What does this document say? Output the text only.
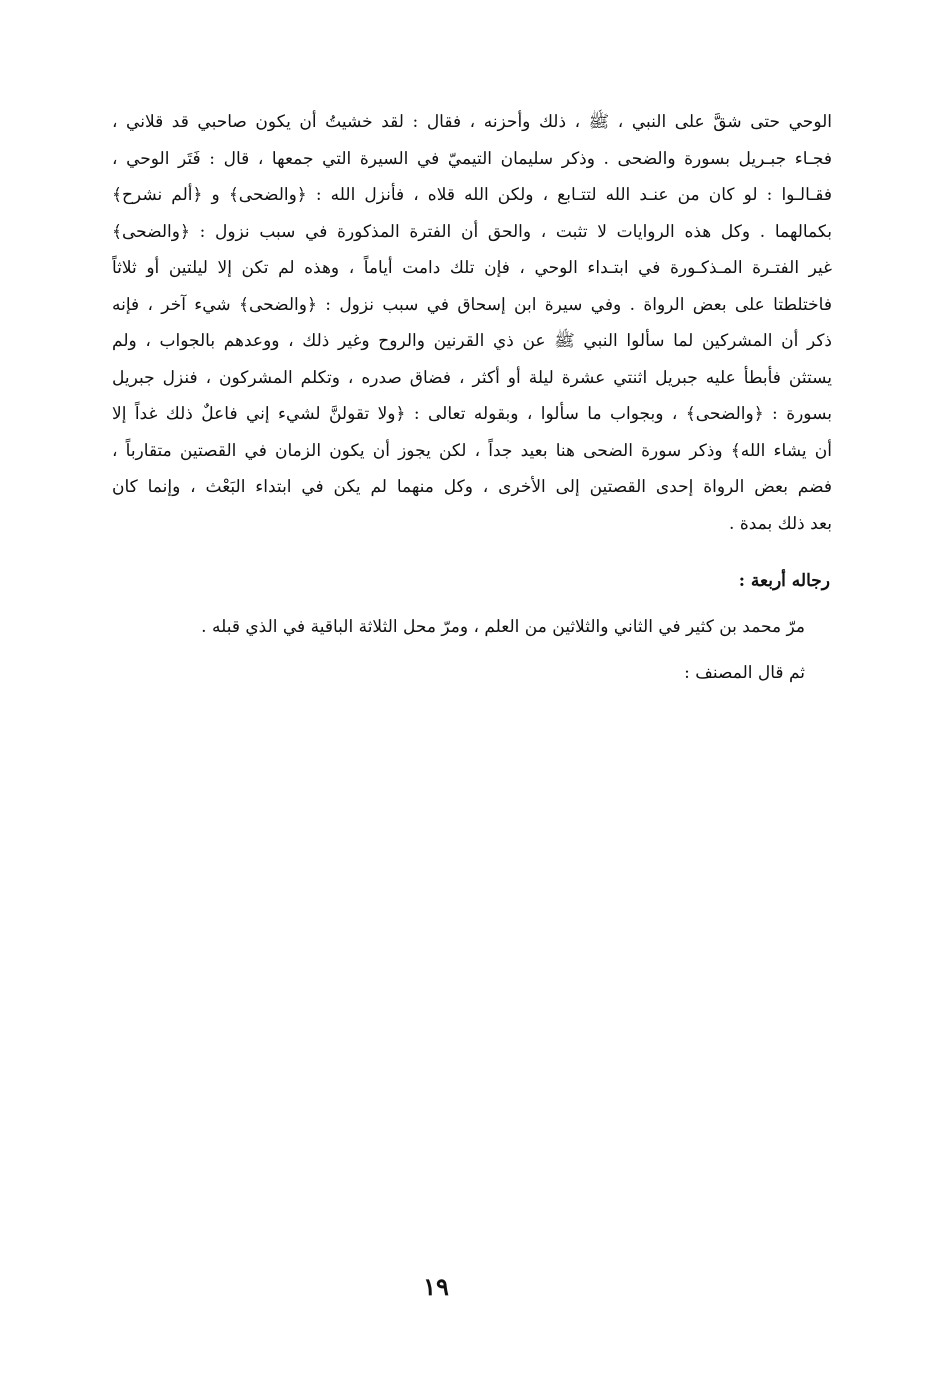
الوحي حتى شقَّ على النبي ، ﷺ ، ذلك وأحزنه ، فقال : لقد خشيتُ أن يكون صاحبي قد قلاني ،
فجـاء جبـريل بسورة والضحى . وذكر سليمان التيميّ في السيرة التي جمعها ، قال : فَتَر الوحي ،
فقـالـوا : لو كان من عنـد الله لتتـابع ، ولكن الله قلاه ، فأنزل الله : ﴿والضحى﴾ و ﴿ألم نشرح﴾
بكمالهما . وكل هذه الروايات لا تثبت ، والحق أن الفترة المذكورة في سبب نزول : ﴿والضحى﴾
غير الفتـرة المـذكـورة في ابتـداء الوحي ، فإن تلك دامت أياماً ، وهذه لم تكن إلا ليلتين أو ثلاثاً
فاختلطتا على بعض الرواة . وفي سيرة ابن إسحاق في سبب نزول : ﴿والضحى﴾ شيء آخر ، فإنه
ذكر أن المشركين لما سألوا النبي ﷺ عن ذي القرنين والروح وغير ذلك ، ووعدهم بالجواب ، ولم
يستثن فأبطأ عليه جبريل اثنتي عشرة ليلة أو أكثر ، فضاق صدره ، وتكلم المشركون ، فنزل جبريل
بسورة : ﴿والضحى﴾ ، وبجواب ما سألوا ، وبقوله تعالى : ﴿ولا تقولنَّ لشيء إني فاعلٌ ذلك غداً إلا
أن يشاء الله﴾ وذكر سورة الضحى هنا بعيد جداً ، لكن يجوز أن يكون الزمان في القصتين متقارباً ،
فضم بعض الرواة إحدى القصتين إلى الأخرى ، وكل منهما لم يكن في ابتداء البَعْث ، وإنما كان
بعد ذلك بمدة .
رجاله أربعة :
مرّ محمد بن كثير في الثاني والثلاثين من العلم ، ومرّ محل الثلاثة الباقية في الذي قبله .
ثم قال المصنف :
١٩
